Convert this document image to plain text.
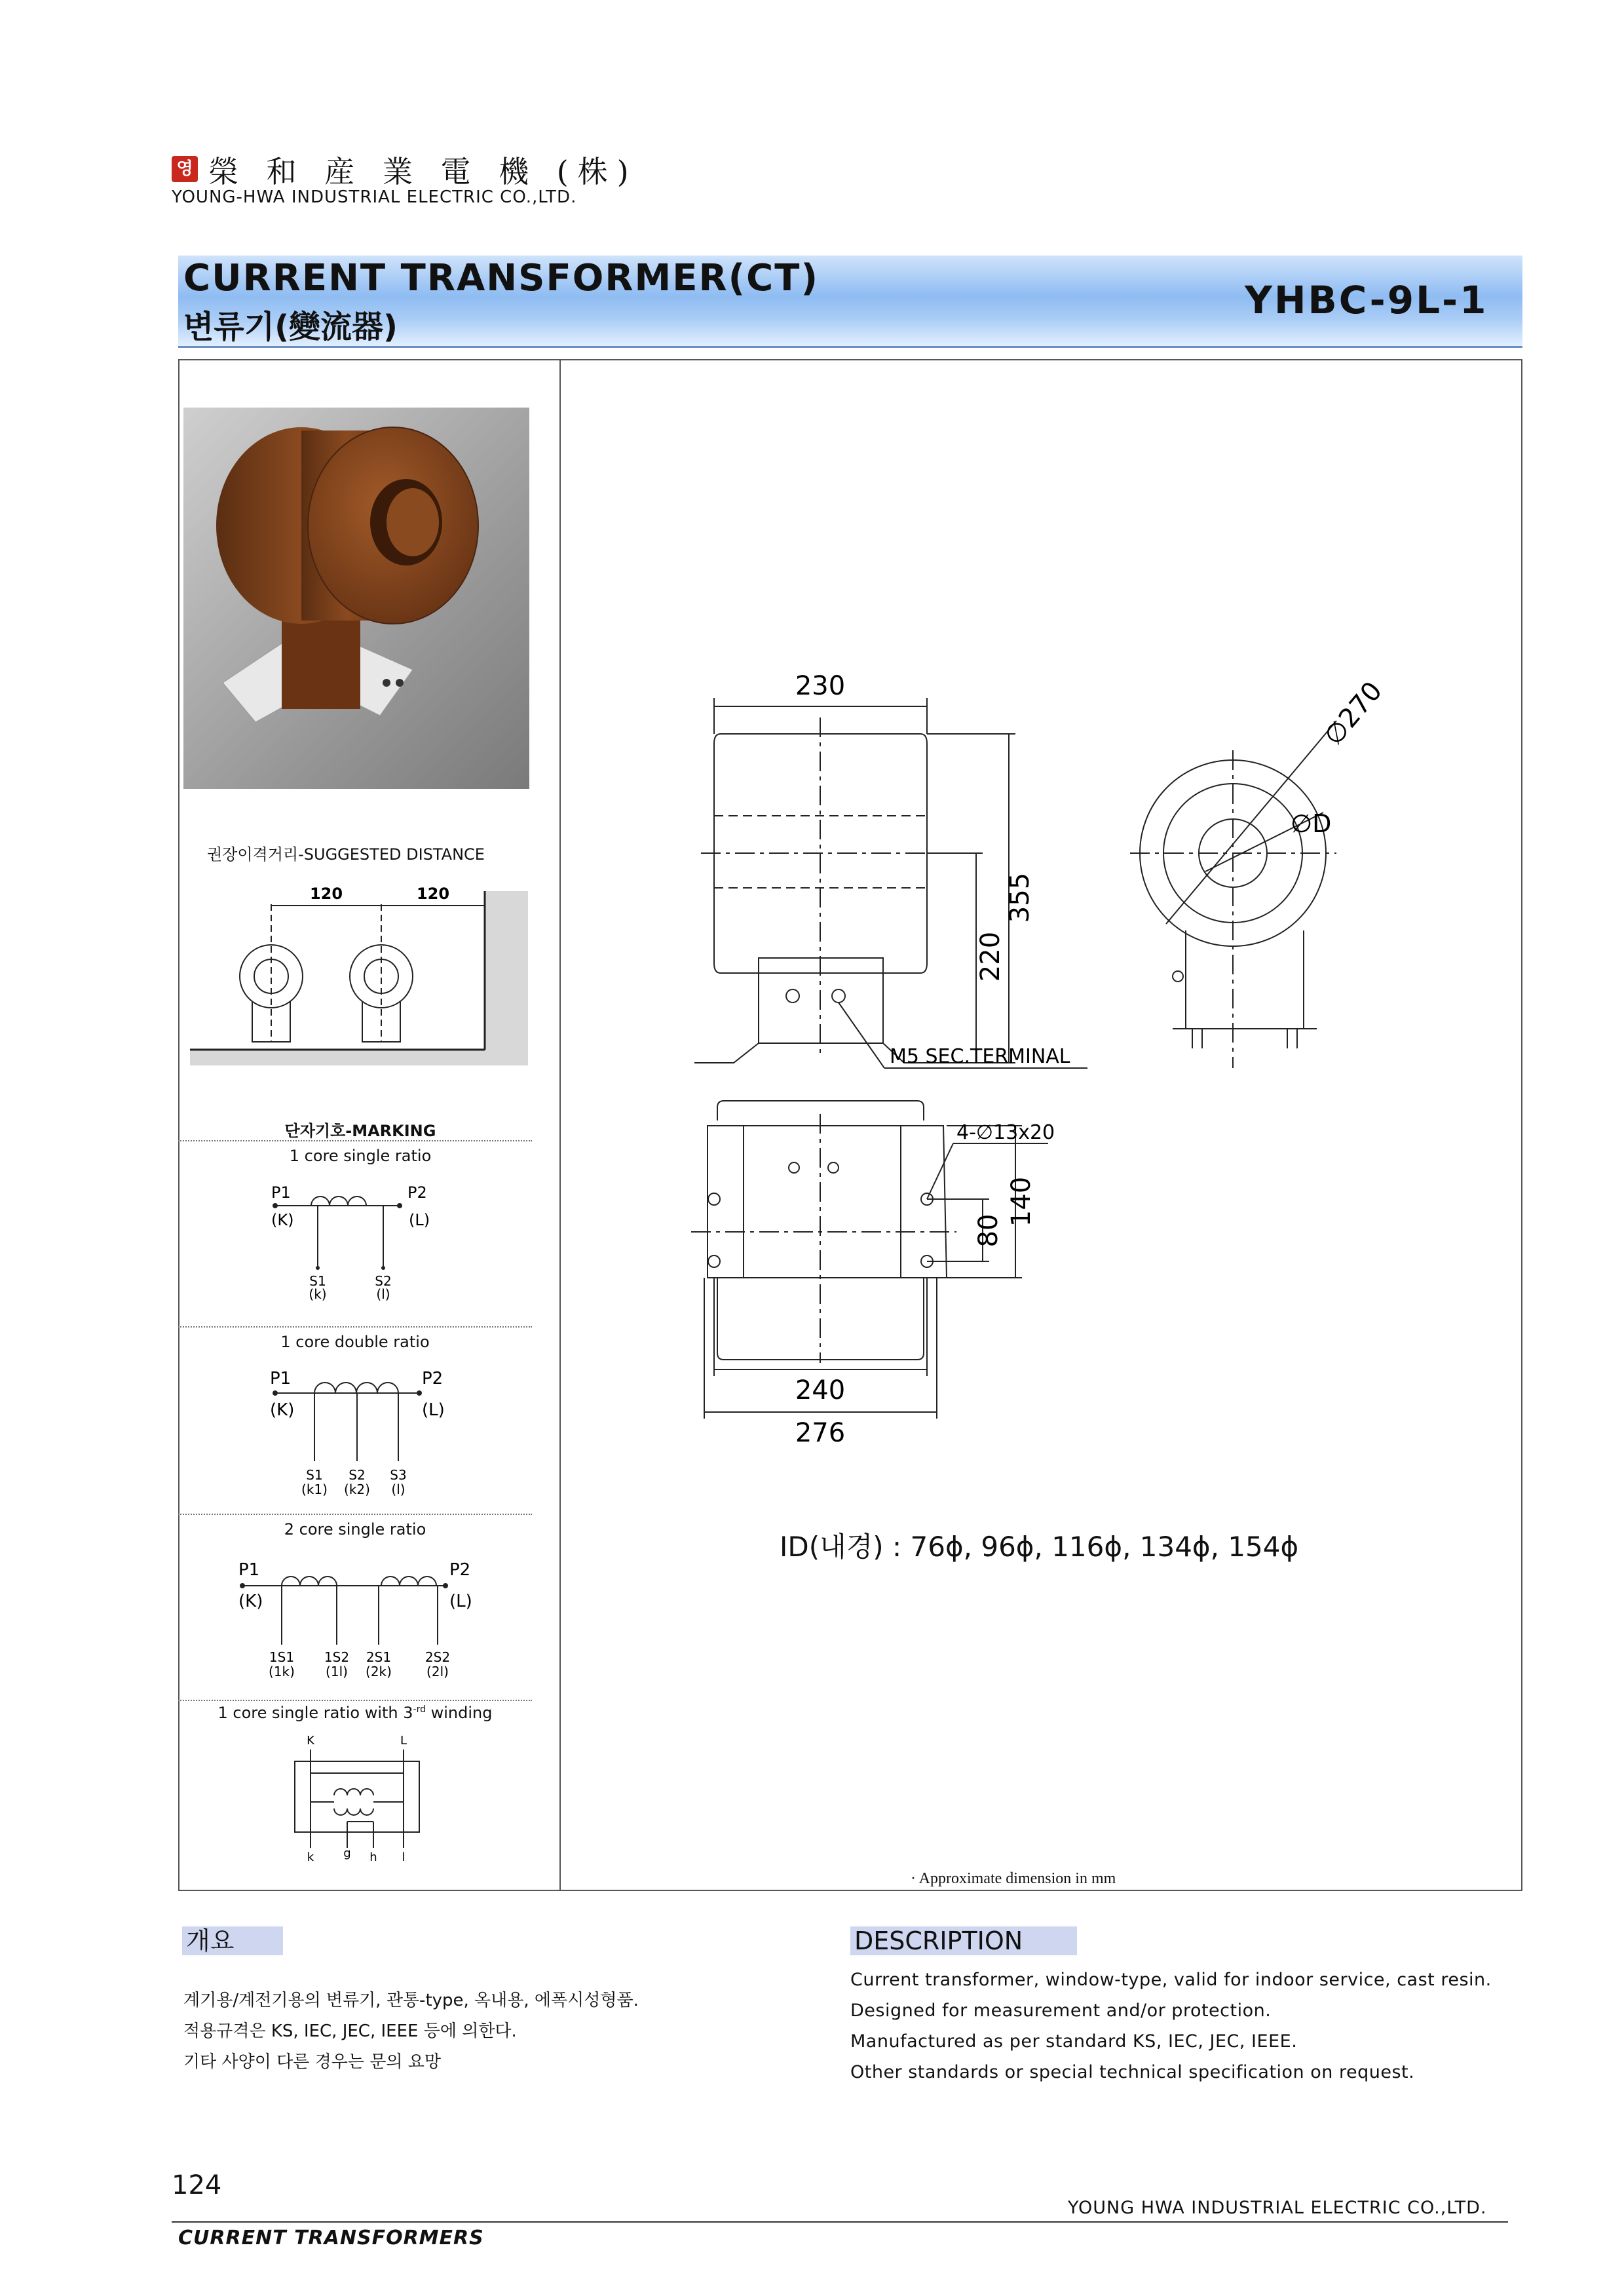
영 榮 和 産 業 電 機 (株)
YOUNG-HWA INDUSTRIAL ELECTRIC CO.,LTD.
CURRENT TRANSFORMER(CT)
변류기(變流器)
YHBC-9L-1
권장이격거리-SUGGESTED DISTANCE
120	120
단자기호-MARKING
1 core single ratio
P1	P2
(K)	(L)
S1	S2
(k)	(l)
1 core double ratio
P1	P2
(K)	(L)
S1 S2 S3
(k1) (k2) (l)
2 core single ratio
P1	P2
(K)	(L)
1S1 1S2 2S1	2S2
(1k) (1l) (2k)	(2l)
1 core single ratio with $3^{-rd}$ winding
K	L
k	g h l
230
355
220
M5 SEC.TERMINAL
∅270
∅D
4-∅13x20
80
140
240
276
ID(내경) : 76ϕ, 96ϕ, 116ϕ, 134ϕ, 154ϕ
· Approximate dimension in mm
개요	DESCRIPTION
계기용/계전기용의 변류기, 관통-type, 옥내용, 에폭시성형품.
적용규격은 KS, IEC, JEC, IEEE 등에 의한다.
기타 사양이 다른 경우는 문의 요망
Current transformer, window-type, valid for indoor service, cast resin.
Designed for measurement and/or protection.
Manufactured as per standard KS, IEC, JEC, IEEE.
Other standards or special technical specification on request.
124
YOUNG HWA INDUSTRIAL ELECTRIC CO.,LTD.
CURRENT TRANSFORMERS
